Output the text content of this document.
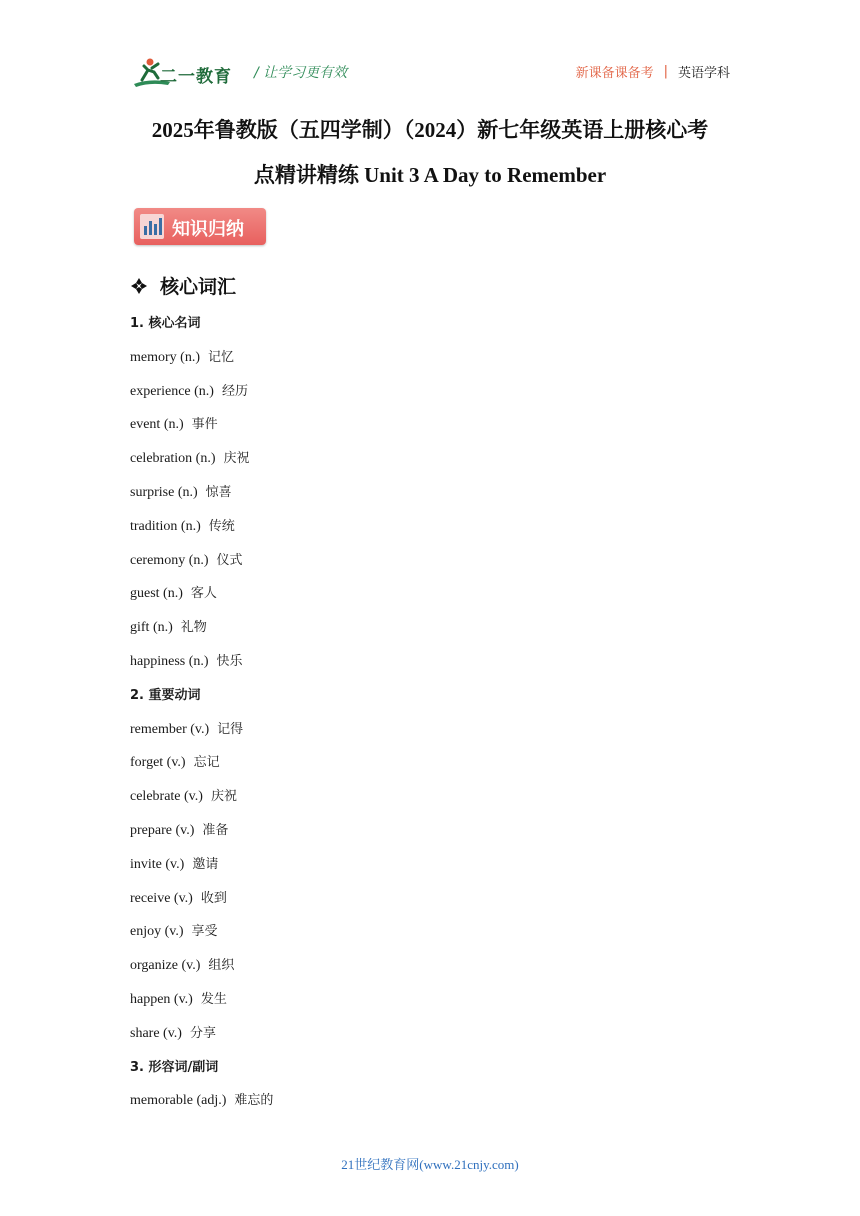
二一教育 / 让学习更有效	新课备课备考 | 英语学科
2025年鲁教版（五四学制）（2024）新七年级英语上册核心考
点精讲精练 Unit 3 A Day to Remember
知识归纳
核心词汇
1. 核心名词
memory (n.) 记忆
experience (n.) 经历
event (n.) 事件
celebration (n.) 庆祝
surprise (n.) 惊喜
tradition (n.) 传统
ceremony (n.) 仪式
guest (n.) 客人
gift (n.) 礼物
happiness (n.) 快乐
2. 重要动词
remember (v.) 记得
forget (v.) 忘记
celebrate (v.) 庆祝
prepare (v.) 准备
invite (v.) 邀请
receive (v.) 收到
enjoy (v.) 享受
organize (v.) 组织
happen (v.) 发生
share (v.) 分享
3. 形容词/副词
memorable (adj.) 难忘的
21世纪教育网(www.21cnjy.com)
